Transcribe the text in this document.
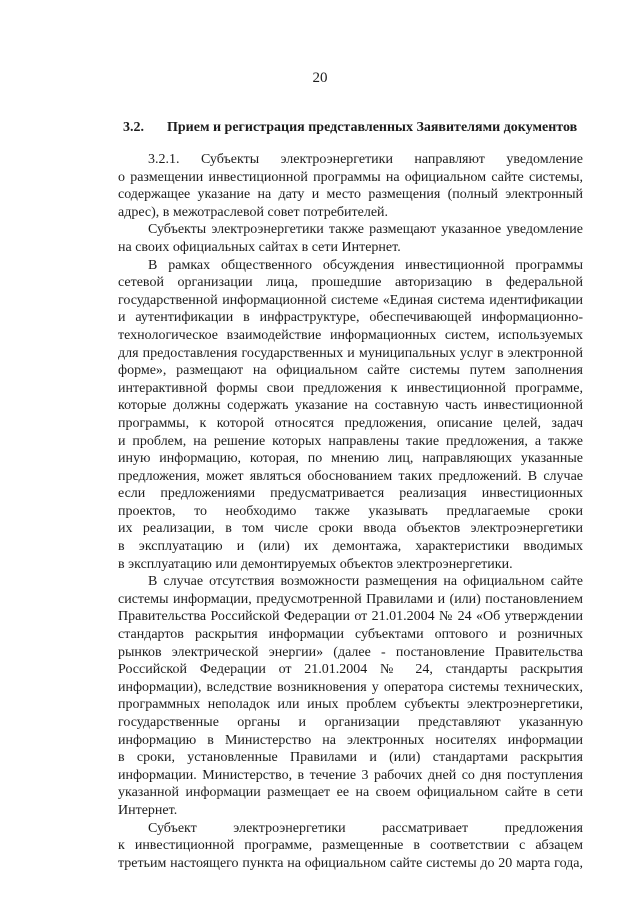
20
3.2. Прием и регистрация представленных Заявителями документов

3.2.1. Субъекты электроэнергетики направляют уведомление
о размещении инвестиционной программы на официальном сайте системы,
содержащее указание на дату и место размещения (полный электронный
адрес), в межотраслевой совет потребителей.

Субъекты электроэнергетики также размещают указанное уведомление
на своих официальных сайтах в сети Интернет.

В рамках общественного обсуждения инвестиционной программы
сетевой организации лица, прошедшие авторизацию в федеральной
государственной информационной системе «Единая система идентификации
и аутентификации в инфраструктуре, обеспечивающей информационно-
технологическое взаимодействие информационных систем, используемых
для предоставления государственных и муниципальных услуг в электронной
форме», размещают на официальном сайте системы путем заполнения
интерактивной формы свои предложения к инвестиционной программе,
которые должны содержать указание на составную часть инвестиционной
программы, к которой относятся предложения, описание целей, задач
и проблем, на решение которых направлены такие предложения, а также
иную информацию, которая, по мнению лиц, направляющих указанные
предложения, может являться обоснованием таких предложений. В случае
если предложениями предусматривается реализация инвестиционных
проектов, то необходимо также указывать предлагаемые сроки
их реализации, в том числе сроки ввода объектов электроэнергетики
в эксплуатацию и (или) их демонтажа, характеристики вводимых
в эксплуатацию или демонтируемых объектов электроэнергетики.

В случае отсутствия возможности размещения на официальном сайте
системы информации, предусмотренной Правилами и (или) постановлением
Правительства Российской Федерации от 21.01.2004 № 24 «Об утверждении
стандартов раскрытия информации субъектами оптового и розничных
рынков электрической энергии» (далее - постановление Правительства
Российской Федерации от 21.01.2004 № 24, стандарты раскрытия
информации), вследствие возникновения у оператора системы технических,
программных неполадок или иных проблем субъекты электроэнергетики,
государственные органы и организации представляют указанную
информацию в Министерство на электронных носителях информации
в сроки, установленные Правилами и (или) стандартами раскрытия
информации. Министерство, в течение 3 рабочих дней со дня поступления
указанной информации размещает ее на своем официальном сайте в сети
Интернет.

Субъект электроэнергетики рассматривает предложения
к инвестиционной программе, размещенные в соответствии с абзацем
третьим настоящего пункта на официальном сайте системы до 20 марта года,
